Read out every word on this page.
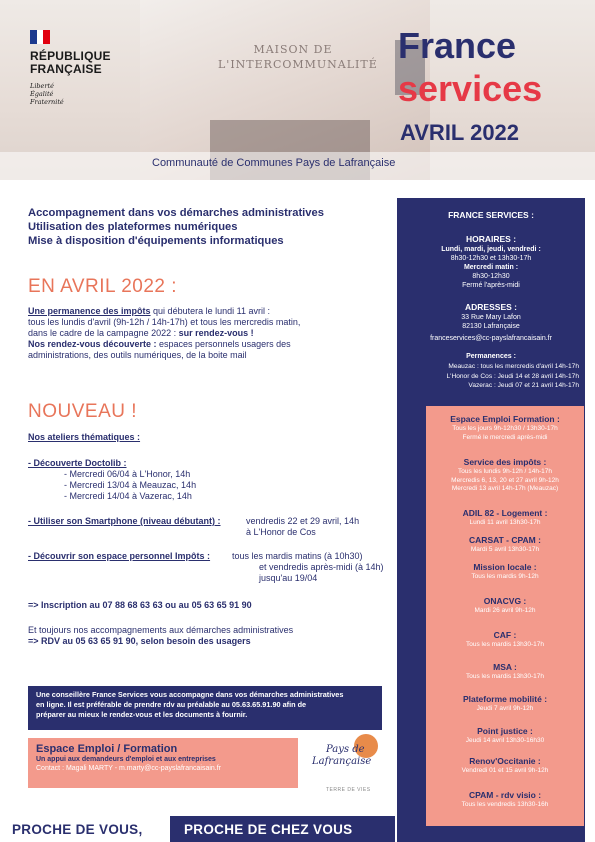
MAISON DE
L'INTERCOMMUNALITÉ
RÉPUBLIQUE
FRANÇAISE
Liberté
Égalité
Fraternité
France
services
AVRIL 2022
Communauté de Communes Pays de Lafrançaise
Accompagnement dans vos démarches administratives
Utilisation des plateformes numériques
Mise à disposition d'équipements informatiques
EN AVRIL 2022 :
Une permanence des impôts qui débutera le lundi 11 avril :
tous les lundis d'avril (9h-12h / 14h-17h) et tous les mercredis matin,
dans le cadre de la campagne 2022 : sur rendez-vous !
Nos rendez-vous découverte : espaces personnels usagers des
administrations, des outils numériques, de la boite mail
NOUVEAU !
Nos ateliers thématiques :
- Découverte Doctolib :
- Mercredi 06/04 à L'Honor, 14h
- Mercredi 13/04 à Meauzac, 14h
- Mercredi 14/04 à Vazerac, 14h
- Utiliser son Smartphone (niveau débutant) :	vendredis 22 et 29 avril, 14h
à L'Honor de Cos
- Découvrir son espace personnel Impôts : tous les mardis matins (à 10h30)
et vendredis après-midi (à 14h)
jusqu'au 19/04
=> Inscription au 07 88 68 63 63 ou au 05 63 65 91 90
Et toujours nos accompagnements aux démarches administratives
=> RDV au 05 63 65 91 90, selon besoin des usagers
Une conseillère France Services vous accompagne dans vos démarches administratives
en ligne. Il est préférable de prendre rdv au préalable au 05.63.65.91.90 afin de
préparer au mieux le rendez-vous et les documents à fournir.
Espace Emploi / Formation
Un appui aux demandeurs d'emploi et aux entreprises
Contact : Magali MARTY - m.marty@cc-payslafrancaisain.fr
Pays de
Lafrançaise
TERRE DE VIES
PROCHE DE VOUS,	PROCHE DE CHEZ VOUS
FRANCE SERVICES :
HORAIRES :
Lundi, mardi, jeudi, vendredi :
8h30-12h30 et 13h30-17h
Mercredi matin :
8h30-12h30
Fermé l'après-midi
ADRESSES :
33 Rue Mary Lafon
82130 Lafrançaise
franceservices@cc-payslafrancaisain.fr
Permanences :
Meauzac : tous les mercredis d'avril 14h-17h
L'Honor de Cos : Jeudi 14 et 28 avril 14h-17h
Vazerac : Jeudi 07 et 21 avril 14h-17h
Espace Emploi Formation :
Tous les jours 9h-12h30 / 13h30-17h
Fermé le mercredi après-midi
Service des impôts :
Tous les lundis 9h-12h / 14h-17h
Mercredis 6, 13, 20 et 27 avril 9h-12h
Mercredi 13 avril 14h-17h (Meauzac)
ADIL 82 - Logement :
Lundi 11 avril 13h30-17h
CARSAT - CPAM :
Mardi 5 avril 13h30-17h
Mission locale :
Tous les mardis 9h-12h
ONACVG :
Mardi 26 avril 9h-12h
CAF :
Tous les mardis 13h30-17h
MSA :
Tous les mardis 13h30-17h
Plateforme mobilité :
Jeudi 7 avril 9h-12h
Point justice :
Jeudi 14 avril 13h30-16h30
Renov'Occitanie :
Vendredi 01 et 15 avril 9h-12h
CPAM - rdv visio :
Tous les vendredis 13h30-16h
